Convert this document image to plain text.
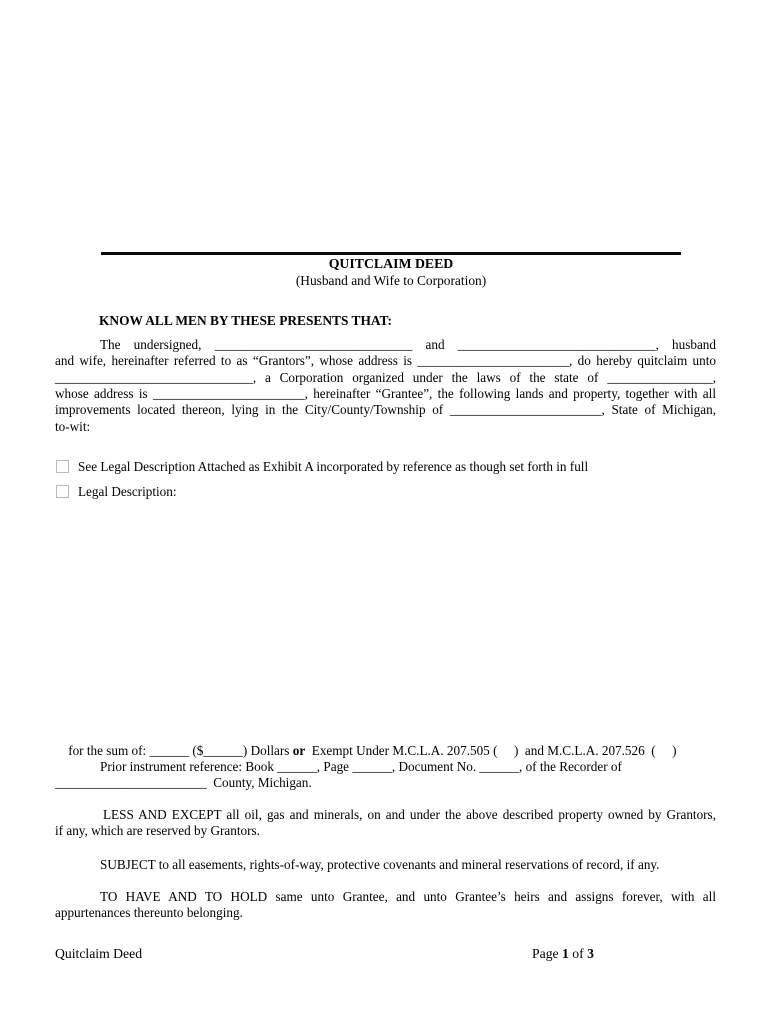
QUITCLAIM DEED
(Husband and Wife to Corporation)
KNOW ALL MEN BY THESE PRESENTS THAT:
The undersigned, ______________________________ and ______________________________, husband
and wife, hereinafter referred to as “Grantors”, whose address is _______________________, do hereby quitclaim unto
______________________________, a Corporation organized under the laws of the state of ________________,
whose address is _______________________, hereinafter “Grantee”, the following lands and property, together with all
improvements located thereon, lying in the City/County/Township of _______________________, State of Michigan,
to-wit:
See Legal Description Attached as Exhibit A incorporated by reference as though set forth in full
Legal Description:

for the sum of: ______ ($______) Dollars or  Exempt Under M.C.L.A. 207.505 (     )  and M.C.L.A. 207.526  (     )

Prior instrument reference: Book ______, Page ______, Document No. ______, of the Recorder of
_______________________  County, Michigan.
LESS AND EXCEPT all oil, gas and minerals, on and under the above described property owned by Grantors,
if any, which are reserved by Grantors.
SUBJECT to all easements, rights-of-way, protective covenants and mineral reservations of record, if any.
TO HAVE AND TO HOLD same unto Grantee, and unto Grantee’s heirs and assigns forever, with all
appurtenances thereunto belonging.
Quitclaim Deed	Page 1 of 3
